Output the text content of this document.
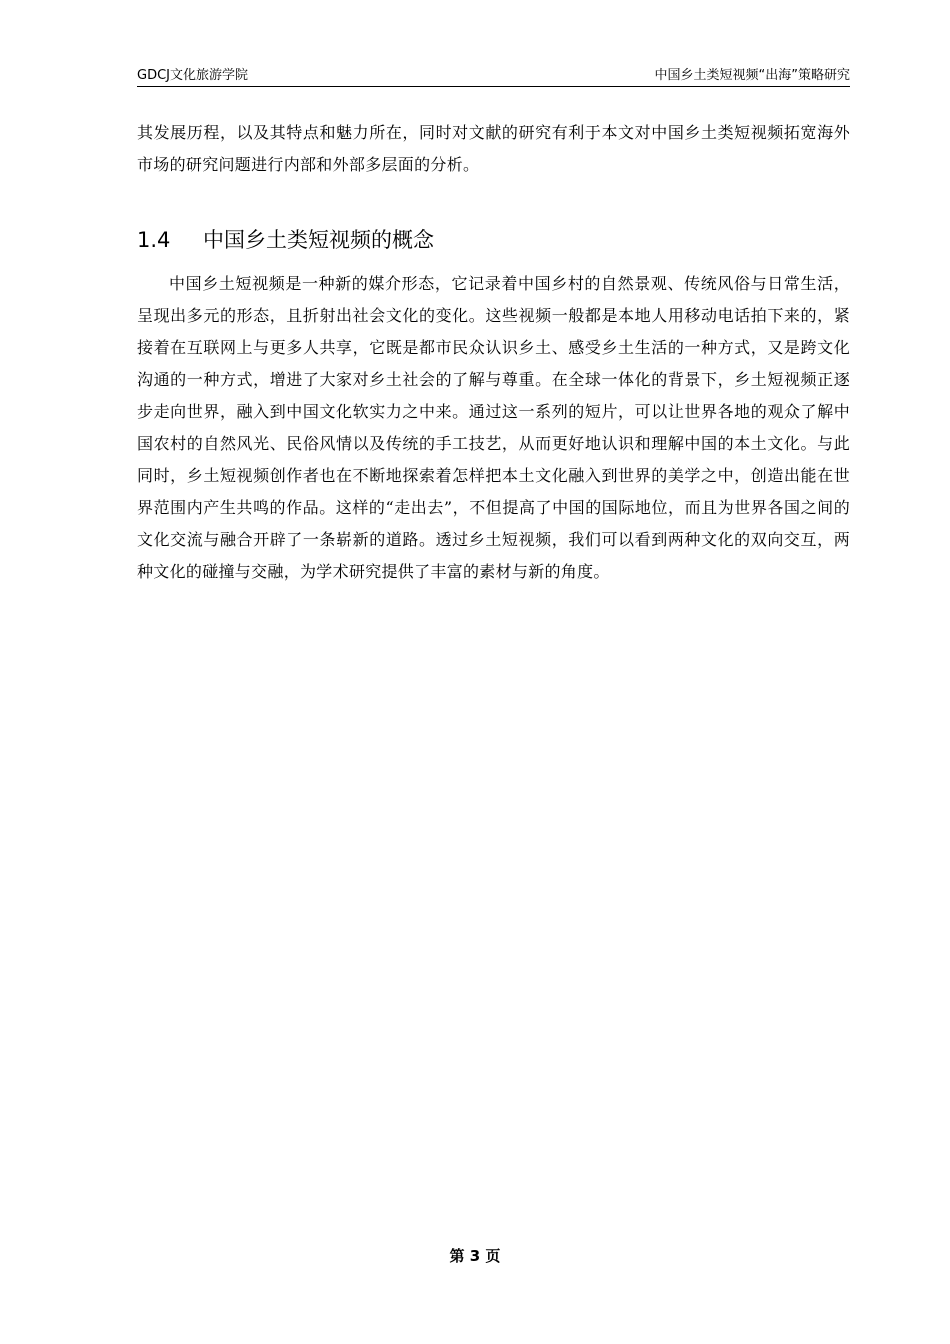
GDCJ文化旅游学院	中国乡土类短视频“出海”策略研究

其发展历程，以及其特点和魅力所在，同时对文献的研究有利于本文对中国乡土类短视频拓宽海外市场的研究问题进行内部和外部多层面的分析。

1.4 中国乡土类短视频的概念

中国乡土短视频是一种新的媒介形态，它记录着中国乡村的自然景观、传统风俗与日常生活，呈现出多元的形态，且折射出社会文化的变化。这些视频一般都是本地人用移动电话拍下来的，紧接着在互联网上与更多人共享，它既是都市民众认识乡土、感受乡土生活的一种方式，又是跨文化沟通的一种方式，增进了大家对乡土社会的了解与尊重。在全球一体化的背景下，乡土短视频正逐步走向世界，融入到中国文化软实力之中来。通过这一系列的短片，可以让世界各地的观众了解中国农村的自然风光、民俗风情以及传统的手工技艺，从而更好地认识和理解中国的本土文化。与此同时，乡土短视频创作者也在不断地探索着怎样把本土文化融入到世界的美学之中，创造出能在世界范围内产生共鸣的作品。这样的“走出去”，不但提高了中国的国际地位，而且为世界各国之间的文化交流与融合开辟了一条崭新的道路。透过乡土短视频，我们可以看到两种文化的双向交互，两种文化的碰撞与交融，为学术研究提供了丰富的素材与新的角度。

第 3 页
